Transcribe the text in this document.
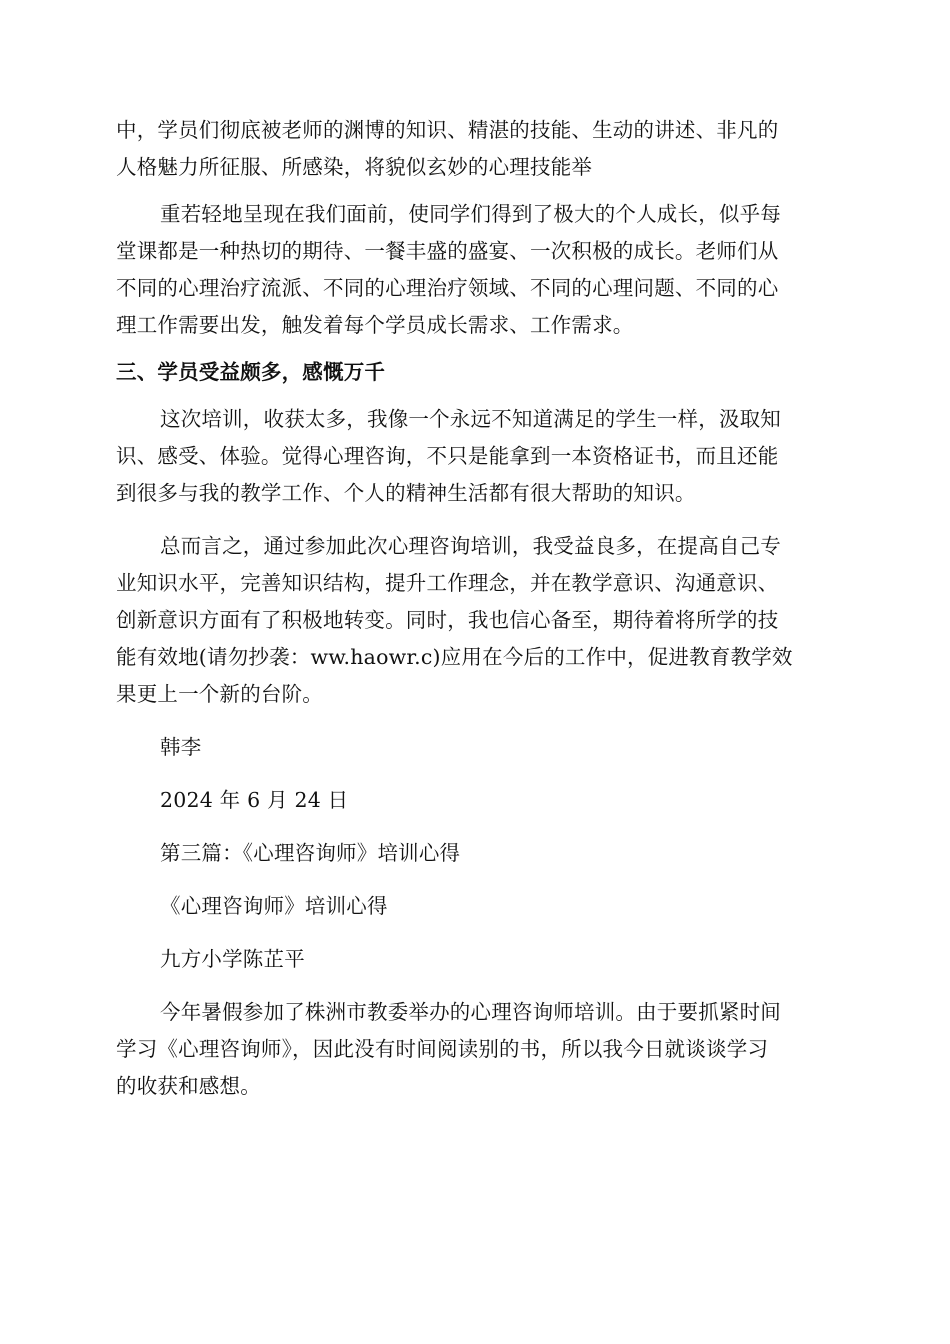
中，学员们彻底被老师的渊博的知识、精湛的技能、生动的讲述、非凡的
人格魅力所征服、所感染，将貌似玄妙的心理技能举
重若轻地呈现在我们面前，使同学们得到了极大的个人成长，似乎每
堂课都是一种热切的期待、一餐丰盛的盛宴、一次积极的成长。老师们从
不同的心理治疗流派、不同的心理治疗领域、不同的心理问题、不同的心
理工作需要出发，触发着每个学员成长需求、工作需求。
三、学员受益颇多，感慨万千
这次培训，收获太多，我像一个永远不知道满足的学生一样，汲取知
识、感受、体验。觉得心理咨询，不只是能拿到一本资格证书，而且还能
到很多与我的教学工作、个人的精神生活都有很大帮助的知识。
总而言之，通过参加此次心理咨询培训，我受益良多，在提高自己专
业知识水平，完善知识结构，提升工作理念，并在教学意识、沟通意识、
创新意识方面有了积极地转变。同时，我也信心备至，期待着将所学的技
能有效地(请勿抄袭：ww.haowr.c)应用在今后的工作中，促进教育教学效
果更上一个新的台阶。
韩李
2024 年 6 月 24 日
第三篇：《心理咨询师》培训心得
《心理咨询师》培训心得
九方小学陈芷平
今年暑假参加了株洲市教委举办的心理咨询师培训。由于要抓紧时间
学习《心理咨询师》，因此没有时间阅读别的书，所以我今日就谈谈学习
的收获和感想。
